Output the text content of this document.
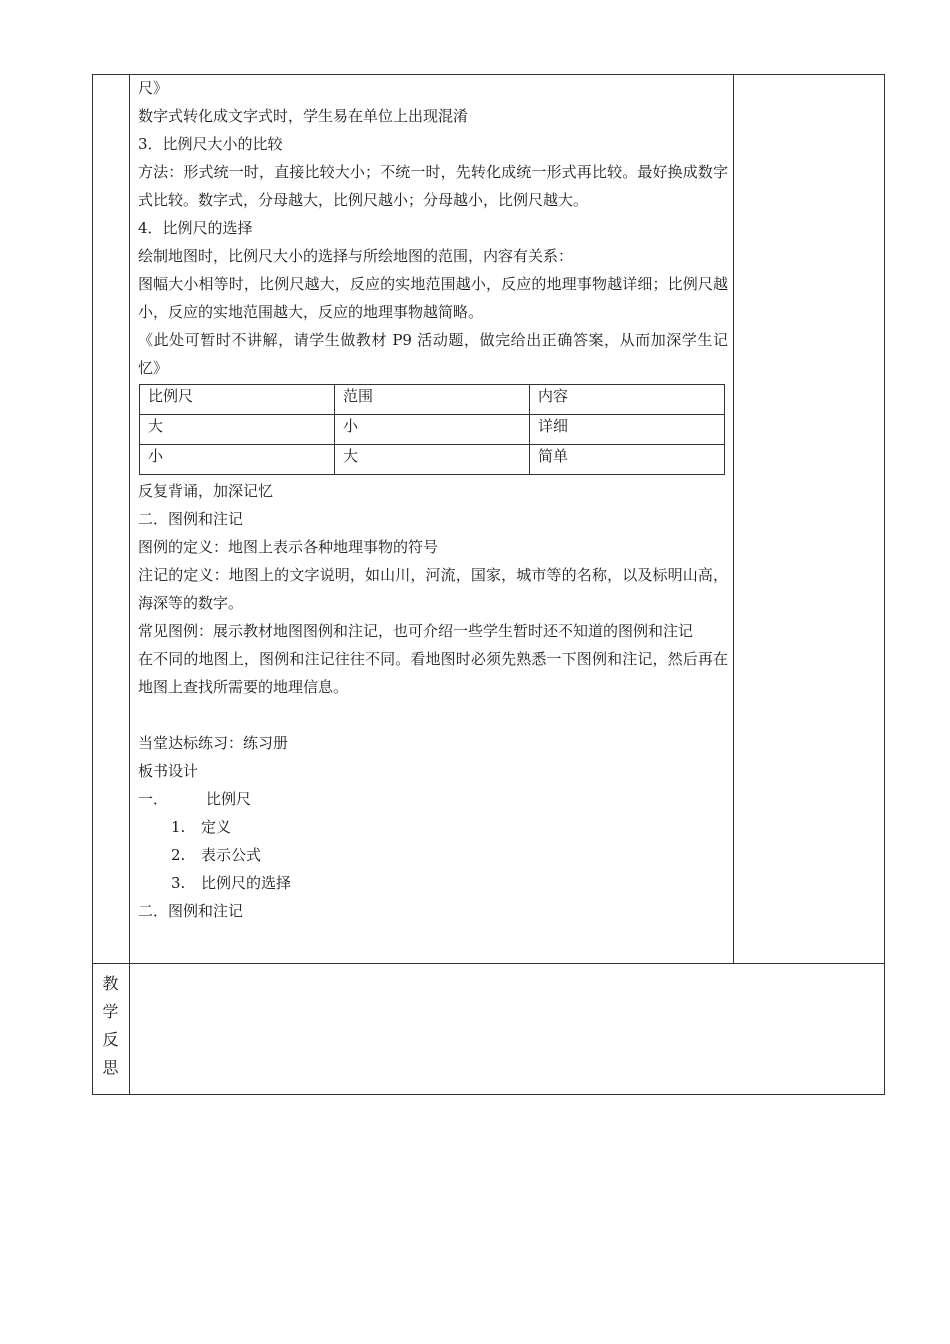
尺》

数字式转化成文字式时，学生易在单位上出现混淆

3．比例尺大小的比较

方法：形式统一时，直接比较大小；不统一时，先转化成统一形式再比较。最好换成数字式比较。数字式，分母越大，比例尺越小；分母越小，比例尺越大。

4．比例尺的选择

绘制地图时，比例尺大小的选择与所绘地图的范围，内容有关系：

图幅大小相等时，比例尺越大，反应的实地范围越小，反应的地理事物越详细；比例尺越小，反应的实地范围越大，反应的地理事物越简略。

《此处可暂时不讲解，请学生做教材 P9 活动题，做完给出正确答案，从而加深学生记忆》

比例尺	范围	内容
大	小	详细
小	大	简单

反复背诵，加深记忆

二．图例和注记

图例的定义：地图上表示各种地理事物的符号

注记的定义：地图上的文字说明，如山川，河流，国家，城市等的名称，以及标明山高，海深等的数字。

常见图例：展示教材地图图例和注记，也可介绍一些学生暂时还不知道的图例和注记

在不同的地图上，图例和注记往往不同。看地图时必须先熟悉一下图例和注记，然后再在地图上查找所需要的地理信息。

当堂达标练习：练习册

板书设计

一．	比例尺

1. 定义

2. 表示公式

3. 比例尺的选择

二．图例和注记

教
学
反
思
